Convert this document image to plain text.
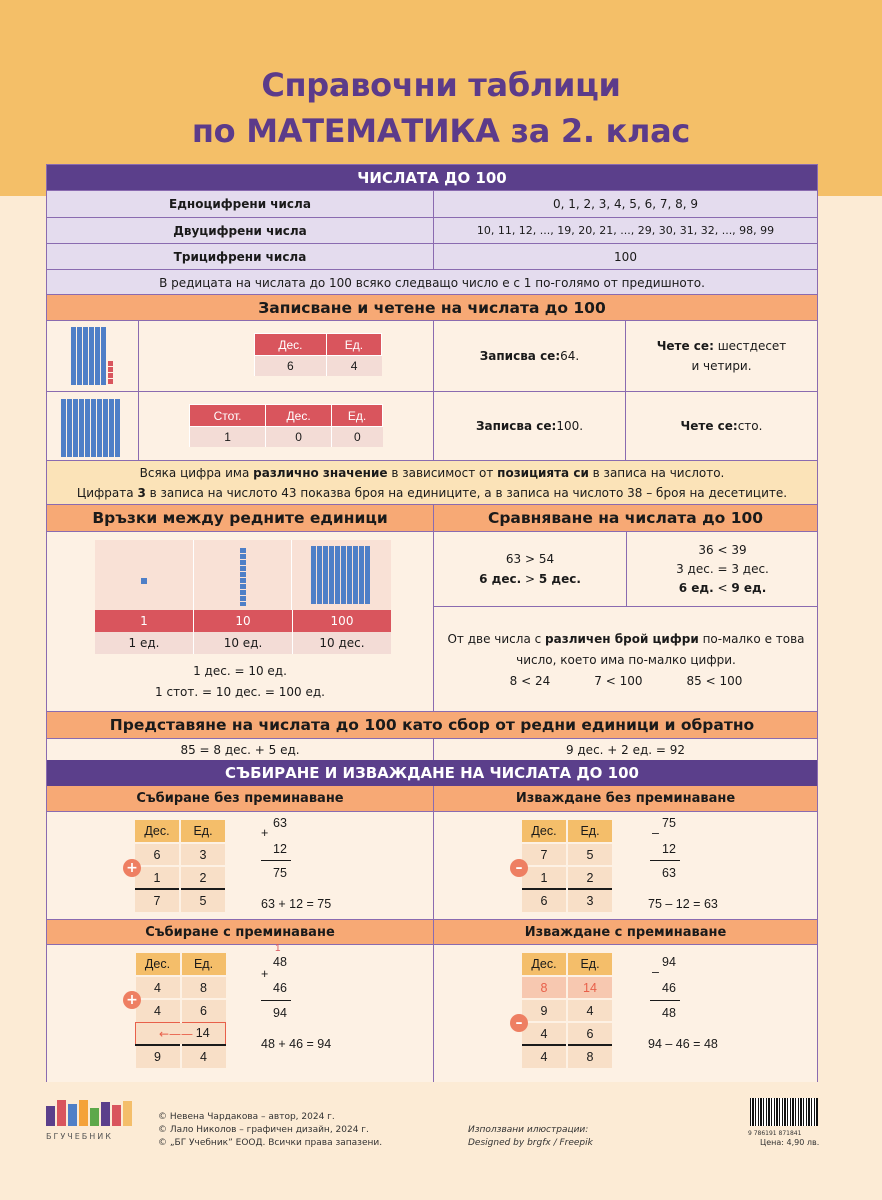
Справочни таблици
по МАТЕМАТИКА за 2. клас
ЧИСЛАТА ДО 100
Едноцифрени числа	0, 1, 2, 3, 4, 5, 6, 7, 8, 9
Двуцифрени числа	10, 11, 12, ..., 19, 20, 21, ..., 29, 30, 31, 32, ..., 98, 99
Трицифрени числа	100
В редицата на числата до 100 всяко следващо число е с 1 по-голямо от предишното.
Записване и четене на числата до 100
Дес.	Ед.
6	4
Записва се: 64.
Чете се: шестдесет
и четири.
Стот.	Дес.	Ед.
1	0	0
Записва се: 100.	Чете се: сто.
Всяка цифра има различно значение в зависимост от позицията си в записа на числото.
Цифрата 3 в записа на числото 43 показва броя на единиците, а в записа на числото 38 – броя на десетиците.
Връзки между редните единици	Сравняване на числата до 100
1	10	100
1 ед.	10 ед.	10 дес.
1 дес. = 10 ед.
1 стот. = 10 дес. = 100 ед.
63 > 54
6 дес. > 5 дес.
36 < 39
3 дес. = 3 дес.
6 ед. < 9 ед.
От две числа с различен брой цифри по-малко е това
число, което има по-малко цифри.
8 < 24	7 < 100	85 < 100
Представяне на числата до 100 като сбор от редни единици и обратно
85 = 8 дес. + 5 ед.	9 дес. + 2 ед. = 92
СЪБИРАНЕ И ИЗВАЖДАНЕ НА ЧИСЛАТА ДО 100
Събиране без преминаване	Изваждане без преминаване
Дес.	Ед.
6	3
1	2
7	5
+
63
+
12
75
63 + 12 = 75
Дес.	Ед.
7	5
1	2
6	3
–
75
–
12
63
75 – 12 = 63
Събиране с преминаване	Изваждане с преминаване
Дес.	Ед.
4	8
4	6
	14
9	4
←——
+
1
48
+
46
94
48 + 46 = 94
Дес.	Ед.
8	14
9	4
4	6
4	8
–
94
–
46
48
94 – 46 = 48
БГУЧЕБНИК
© Невена Чардакова – автор, 2024 г.
© Лало Николов – графичен дизайн, 2024 г.
© „БГ Учебник” ЕООД. Всички права запазени.
Използвани илюстрации:
Designed by brgfx / Freepik
9 786191 871841
Цена: 4,90 лв.
